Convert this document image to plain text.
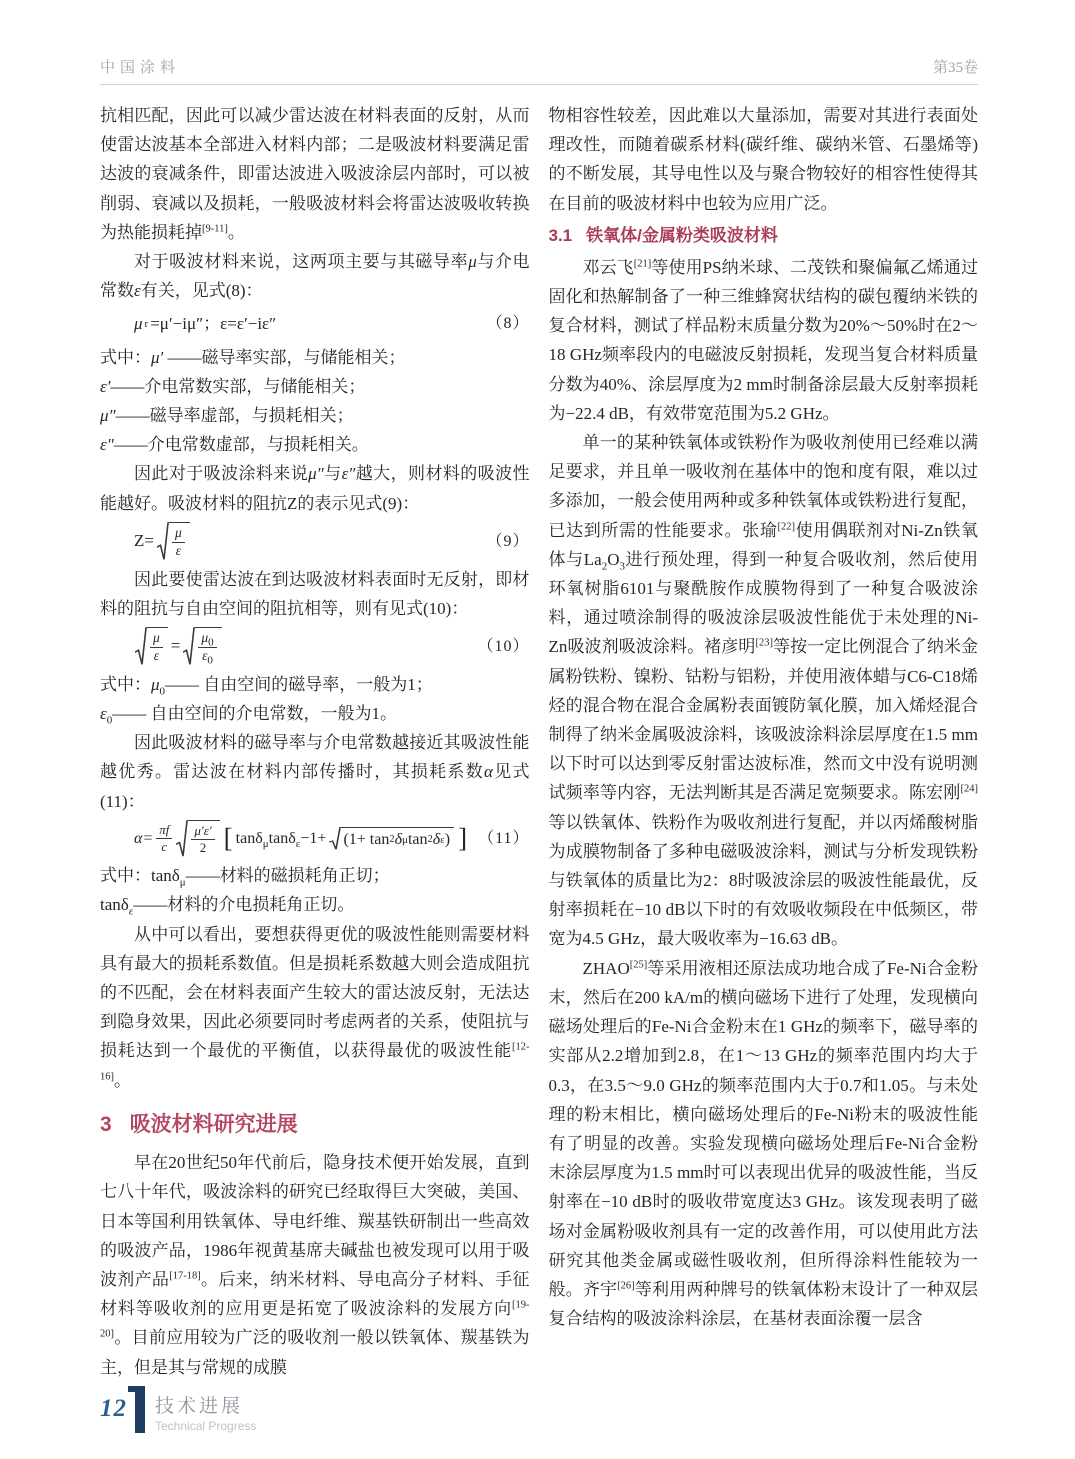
中国涂料	第35卷

抗相匹配，因此可以减少雷达波在材料表面的反射，从而使雷达波基本全部进入材料内部；二是吸波材料要满足雷达波的衰减条件，即雷达波进入吸波涂层内部时，可以被削弱、衰减以及损耗，一般吸波材料会将雷达波吸收转换为热能损耗掉[9-11]。

对于吸波材料来说，这两项主要与其磁导率μ与介电常数ε有关，见式(8)：

μ r =μ′−iμ″；ε=ε′−iε″	（8）

式中：μ′ ——磁导率实部，与储能相关；

ε′——介电常数实部，与储能相关；

μ″——磁导率虚部，与损耗相关；

ε″——介电常数虚部，与损耗相关。

因此对于吸波涂料来说μ″与ε″越大，则材料的吸波性能越好。吸波材料的阻抗Z的表示见式(9)：

$Z= \frac{\mu}{\varepsilon}$	（9）

因此要使雷达波在到达吸波材料表面时无反射，即材料的阻抗与自由空间的阻抗相等，则有见式(10)：

$\frac{\mu}{\varepsilon} = \frac{\mu_0}{\varepsilon_0}$	（10）

式中：$\mu_0——$ 自由空间的磁导率，一般为1；

$\varepsilon_0——$ 自由空间的介电常数，一般为1。

因此吸波材料的磁导率与介电常数越接近其吸波性能越优秀。雷达波在材料内部传播时，其损耗系数α见式(11)：

$\alpha= \frac{\pi f}{c} \frac{\mu'\varepsilon'}{2}$ [ tanδ$_\mu$tanδ$_\varepsilon$−1+ (1+ tan 2 δ μ tan 2 δ ε ) ] （11）

式中：tanδ$_\mu$——材料的磁损耗角正切；

tanδ$_\varepsilon$——材料的介电损耗角正切。

从中可以看出，要想获得更优的吸波性能则需要材料具有最大的损耗系数值。但是损耗系数越大则会造成阻抗的不匹配，会在材料表面产生较大的雷达波反射，无法达到隐身效果，因此必须要同时考虑两者的关系，使阻抗与损耗达到一个最优的平衡值，以获得最优的吸波性能[12-16]。

3 吸波材料研究进展

早在20世纪50年代前后，隐身技术便开始发展，直到七八十年代，吸波涂料的研究已经取得巨大突破，美国、日本等国利用铁氧体、导电纤维、羰基铁研制出一些高效的吸波产品，1986年视黄基席夫碱盐也被发现可以用于吸波剂产品[17-18]。后来，纳米材料、导电高分子材料、手征材料等吸收剂的应用更是拓宽了吸波涂料的发展方向[19-20]。目前应用较为广泛的吸收剂一般以铁氧体、羰基铁为主，但是其与常规的成膜

物相容性较差，因此难以大量添加，需要对其进行表面处理改性，而随着碳系材料(碳纤维、碳纳米管、石墨烯等)的不断发展，其导电性以及与聚合物较好的相容性使得其在目前的吸波材料中也较为应用广泛。

3.1 铁氧体/金属粉类吸波材料

邓云飞[21]等使用PS纳米球、二茂铁和聚偏氟乙烯通过固化和热解制备了一种三维蜂窝状结构的碳包覆纳米铁的复合材料，测试了样品粉末质量分数为20%～50%时在2～18 GHz频率段内的电磁波反射损耗，发现当复合材料质量分数为40%、涂层厚度为2 mm时制备涂层最大反射率损耗为−22.4 dB，有效带宽范围为5.2 GHz。

单一的某种铁氧体或铁粉作为吸收剂使用已经难以满足要求，并且单一吸收剂在基体中的饱和度有限，难以过多添加，一般会使用两种或多种铁氧体或铁粉进行复配，已达到所需的性能要求。张瑜[22]使用偶联剂对Ni-Zn铁氧体与$La_2O_3$进行预处理，得到一种复合吸收剂，然后使用环氧树脂6101与聚酰胺作成膜物得到了一种复合吸波涂料，通过喷涂制得的吸波涂层吸波性能优于未处理的Ni-Zn吸波剂吸波涂料。褚彦明[23]等按一定比例混合了纳米金属粉铁粉、镍粉、钴粉与铝粉，并使用液体蜡与C6-C18烯烃的混合物在混合金属粉表面镀防氧化膜，加入烯烃混合制得了纳米金属吸波涂料，该吸波涂料涂层厚度在1.5 mm以下时可以达到零反射雷达波标准，然而文中没有说明测试频率等内容，无法判断其是否满足宽频要求。陈宏刚[24]等以铁氧体、铁粉作为吸收剂进行复配，并以丙烯酸树脂为成膜物制备了多种电磁吸波涂料，测试与分析发现铁粉与铁氧体的质量比为2：8时吸波涂层的吸波性能最优，反射率损耗在−10 dB以下时的有效吸收频段在中低频区，带宽为4.5 GHz，最大吸收率为−16.63 dB。

ZHAO[25]等采用液相还原法成功地合成了Fe-Ni合金粉末，然后在200 kA/m的横向磁场下进行了处理，发现横向磁场处理后的Fe-Ni合金粉末在1 GHz的频率下，磁导率的实部从2.2增加到2.8，在1～13 GHz的频率范围内均大于0.3，在3.5～9.0 GHz的频率范围内大于0.7和1.05。与未处理的粉末相比，横向磁场处理后的Fe-Ni粉末的吸波性能有了明显的改善。实验发现横向磁场处理后Fe-Ni合金粉末涂层厚度为1.5 mm时可以表现出优异的吸波性能，当反射率在−10 dB时的吸收带宽度达3 GHz。该发现表明了磁场对金属粉吸收剂具有一定的改善作用，可以使用此方法研究其他类金属或磁性吸收剂，但所得涂料性能较为一般。齐宇[26]等利用两种牌号的铁氧体粉末设计了一种双层复合结构的吸波涂料涂层，在基材表面涂覆一层含

12 技术进展
Technical Progress
